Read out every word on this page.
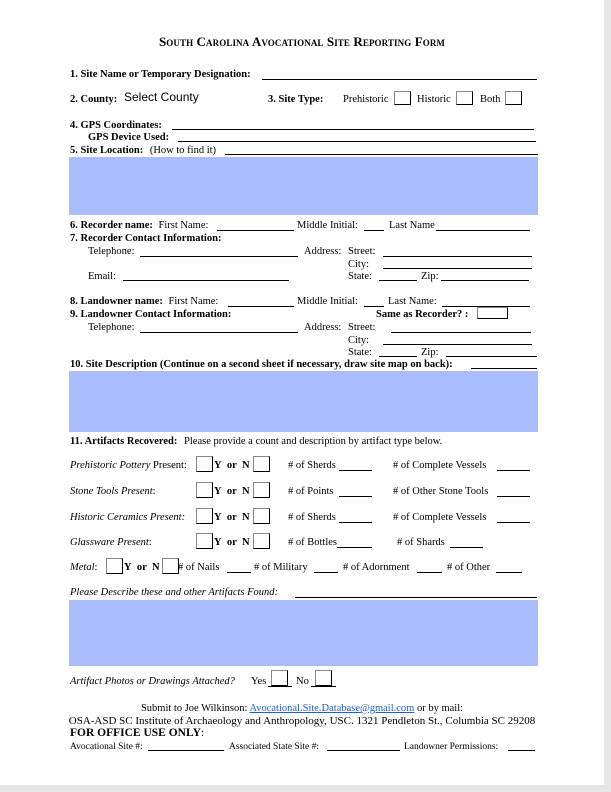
South Carolina Avocational Site Reporting Form
1. Site Name or Temporary Designation:
2. County: Select County	3. Site Type: Prehistoric	Historic	Both
4. GPS Coordinates:
GPS Device Used:
5. Site Location: (How to find it)
6. Recorder name: First Name:	Middle Initial:	Last Name
7. Recorder Contact Information:
Telephone:	Address: Street:
City:
Email:	State:	Zip:
8. Landowner name: First Name:	Middle Initial:	Last Name:
9. Landowner Contact Information:	Same as Recorder? :
Telephone:	Address: Street:
City:
State:	Zip:
10. Site Description (Continue on a second sheet if necessary, draw site map on back):
11. Artifacts Recovered: Please provide a count and description by artifact type below.
Prehistoric Pottery Present:	Y or N	# of Sherds	# of Complete Vessels
Stone Tools Present:	Y or N	# of Points	# of Other Stone Tools
Historic Ceramics Present:	Y or N	# of Sherds	# of Complete Vessels
Glassware Present:	Y or N	# of Bottles	# of Shards
Metal:	Y or N # of Nails	# of Military	# of Adornment	# of Other
Please Describe these and other Artifacts Found:
Artifact Photos or Drawings Attached? Yes	No
Submit to Joe Wilkinson: Avocational.Site.Database@gmail.com or by mail:
OSA-ASD SC Institute of Archaeology and Anthropology, USC. 1321 Pendleton St., Columbia SC 29208
FOR OFFICE USE ONLY:
Avocational Site #:	Associated State Site #:	Landowner Permissions:
